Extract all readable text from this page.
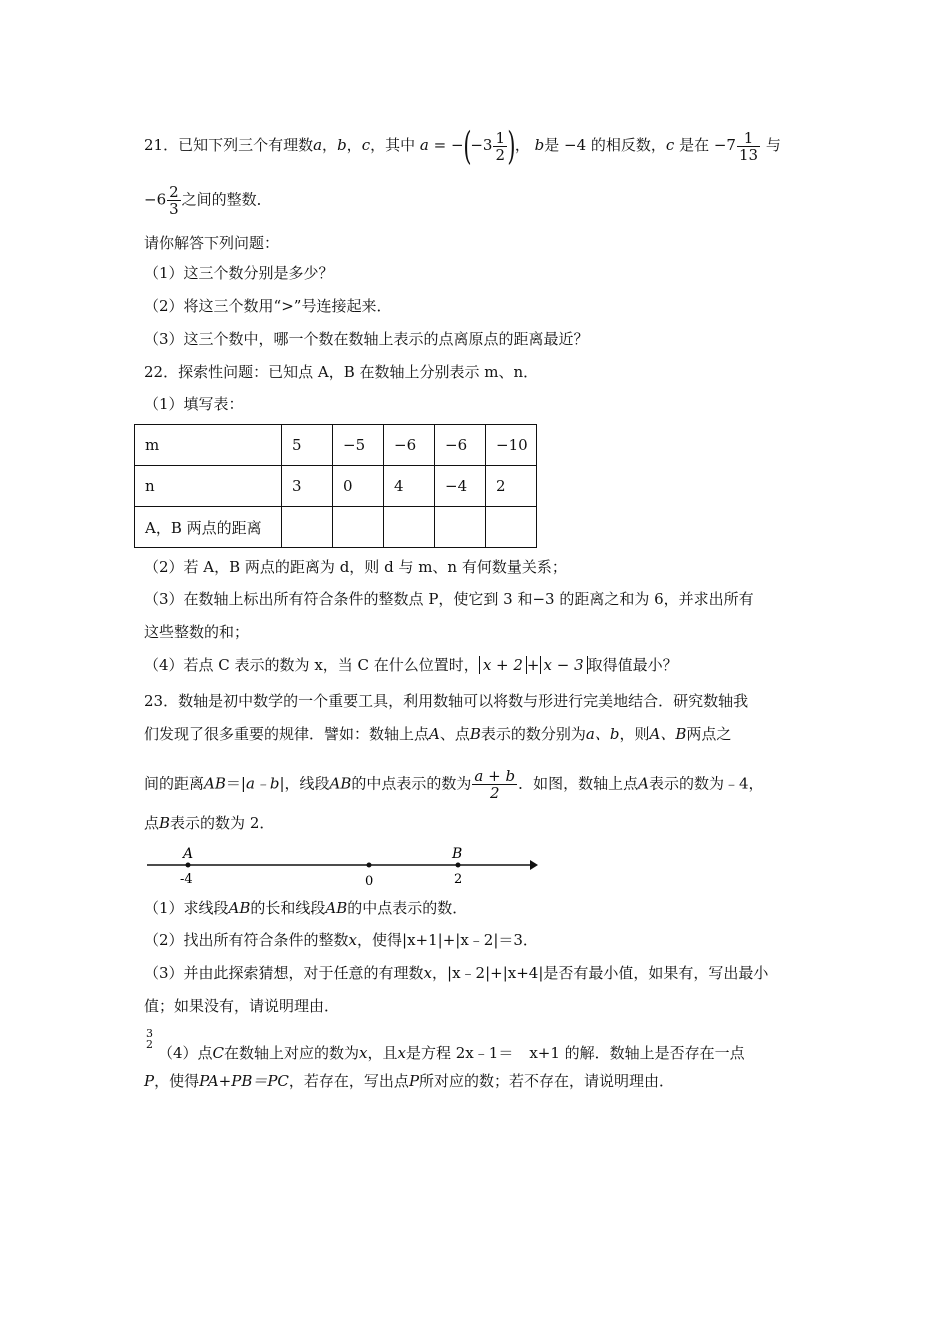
21．已知下列三个有理数a，b，c，其中 $a = -(-3 \frac{1}{2}$ )， b是 −4 的相反数，c 是在 $-7 \frac{1}{13}$ 与
$-6 \frac{2}{3}$ 之间的整数．
请你解答下列问题：
（1）这三个数分别是多少？
（2）将这三个数用“>”号连接起来．
（3）这三个数中，哪一个数在数轴上表示的点离原点的距离最近？
22．探索性问题：已知点 A，B 在数轴上分别表示 m、n．
（1）填写表：
m	5	−5	−6	−6	−10
n	3	0	4	−4	2
A，B 两点的距离					
（2）若 A，B 两点的距离为 d，则 d 与 m、n 有何数量关系；
（3）在数轴上标出所有符合条件的整数点 P，使它到 3 和−3 的距离之和为 6，并求出所有
这些整数的和；
（4）若点 C 表示的数为 x，当 C 在什么位置时， x + 2 + x − 3 取得值最小？
23．数轴是初中数学的一个重要工具，利用数轴可以将数与形进行完美地结合．研究数轴我
们发现了很多重要的规律．譬如：数轴上点A、点B表示的数分别为a、b，则A、B两点之
间的距离AB＝|a﹣b|，线段AB的中点表示的数为 $\frac{a + b}{2}$ ．如图，数轴上点A表示的数为﹣4，
点B表示的数为 2．
A	B
-4	0	2
（1）求线段AB的长和线段AB的中点表示的数．
（2）找出所有符合条件的整数x，使得|x+1|+|x﹣2|＝3．
（3）并由此探索猜想，对于任意的有理数x，|x﹣2|+|x+4|是否有最小值，如果有，写出最小
值；如果没有，请说明理由．
3
2 （4）点C在数轴上对应的数为x，且x是方程 2x﹣1＝ x+1 的解．数轴上是否存在一点
P，使得PA+PB＝PC，若存在，写出点P所对应的数；若不存在，请说明理由．
